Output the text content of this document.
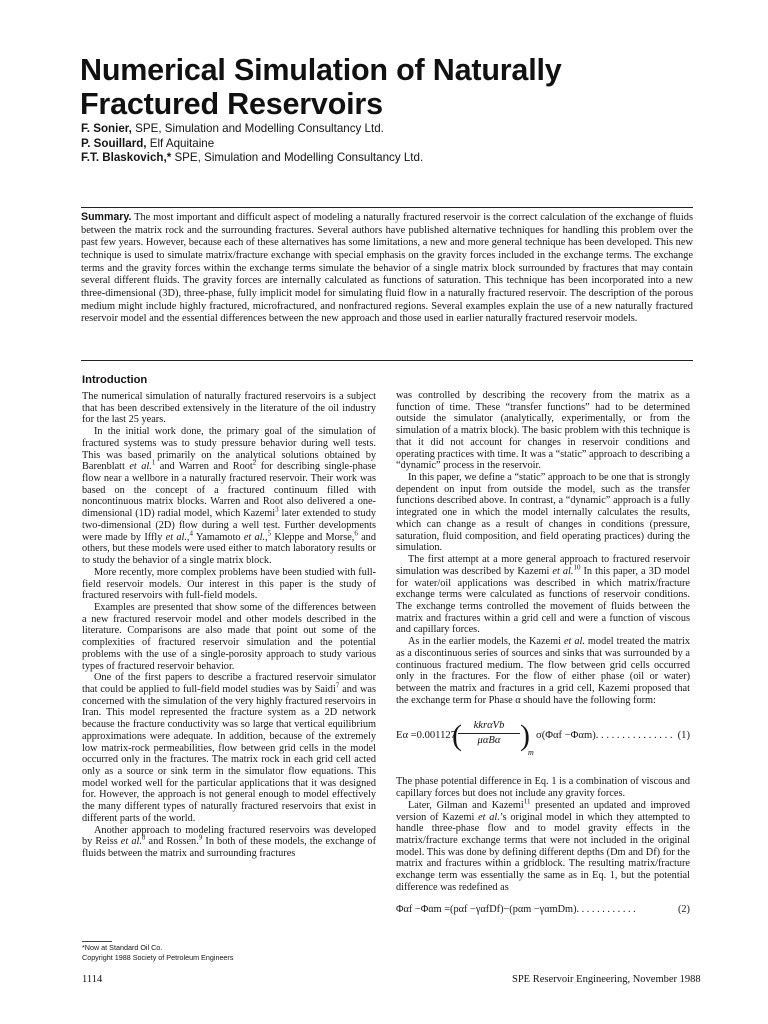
Numerical Simulation of Naturally Fractured Reservoirs
F. Sonier, SPE, Simulation and Modelling Consultancy Ltd.
P. Souillard, Elf Aquitaine
F.T. Blaskovich,* SPE, Simulation and Modelling Consultancy Ltd.
Summary. The most important and difficult aspect of modeling a naturally fractured reservoir is the correct calculation of the exchange of fluids between the matrix rock and the surrounding fractures. Several authors have published alternative techniques for handling this problem over the past few years. However, because each of these alternatives has some limitations, a new and more general technique has been developed. This new technique is used to simulate matrix/fracture exchange with special emphasis on the gravity forces included in the exchange terms. The exchange terms and the gravity forces within the exchange terms simulate the behavior of a single matrix block surrounded by fractures that may contain several different fluids. The gravity forces are internally calculated as functions of saturation. This technique has been incorporated into a new three-dimensional (3D), three-phase, fully implicit model for simulating fluid flow in a naturally fractured reservoir. The description of the porous medium might include highly fractured, microfractured, and nonfractured regions. Several examples explain the use of a new naturally fractured reservoir model and the essential differences between the new approach and those used in earlier naturally fractured reservoir models.
Introduction

The numerical simulation of naturally fractured reservoirs is a subject that has been described extensively in the literature of the oil industry for the last 25 years.

In the initial work done, the primary goal of the simulation of fractured systems was to study pressure behavior during well tests. This was based primarily on the analytical solutions obtained by Barenblatt et al.$^1$ and Warren and Root$^2$ for describing single-phase flow near a wellbore in a naturally fractured reservoir. Their work was based on the concept of a fractured continuum filled with noncontinuous matrix blocks. Warren and Root also delivered a one-dimensional (1D) radial model, which Kazemi$^3$ later extended to study two-dimensional (2D) flow during a well test. Further developments were made by Iffly et al.,$^4$ Yamamoto et al.,$^5$ Kleppe and Morse,$^6$ and others, but these models were used either to match laboratory results or to study the behavior of a single matrix block.

More recently, more complex problems have been studied with full-field reservoir models. Our interest in this paper is the study of fractured reservoirs with full-field models.

Examples are presented that show some of the differences between a new fractured reservoir model and other models described in the literature. Comparisons are also made that point out some of the complexities of fractured reservoir simulation and the potential problems with the use of a single-porosity approach to study various types of fractured reservoir behavior.

One of the first papers to describe a fractured reservoir simulator that could be applied to full-field model studies was by Saidi$^7$ and was concerned with the simulation of the very highly fractured reservoirs in Iran. This model represented the fracture system as a 2D network because the fracture conductivity was so large that vertical equilibrium approximations were adequate. In addition, because of the extremely low matrix-rock permeabilities, flow between grid cells in the model occurred only in the fractures. The matrix rock in each grid cell acted only as a source or sink term in the simulator flow equations. This model worked well for the particular applications that it was designed for. However, the approach is not general enough to model effectively the many different types of naturally fractured reservoirs that exist in different parts of the world.

Another approach to modeling fractured reservoirs was developed by Reiss et al.$^8$ and Rossen.$^9$ In both of these models, the exchange of fluids between the matrix and surrounding fractures

was controlled by describing the recovery from the matrix as a function of time. These “transfer functions” had to be determined outside the simulator (analytically, experimentally, or from the simulation of a matrix block). The basic problem with this technique is that it did not account for changes in reservoir conditions and operating practices with time. It was a “static” approach to describing a “dynamic” process in the reservoir.

In this paper, we define a “static” approach to be one that is strongly dependent on input from outside the model, such as the transfer functions described above. In contrast, a “dynamic” approach is a fully integrated one in which the model internally calculates the results, which can change as a result of changes in conditions (pressure, saturation, fluid composition, and field operating practices) during the simulation.

The first attempt at a more general approach to fractured reservoir simulation was described by Kazemi et al.$^{10}$ In this paper, a 3D model for water/oil applications was described in which matrix/fracture exchange terms were calculated as functions of reservoir conditions. The exchange terms controlled the movement of fluids between the matrix and fractures within a grid cell and were a function of viscous and capillary forces.

As in the earlier models, the Kazemi et al. model treated the matrix as a discontinuous series of sources and sinks that was surrounded by a continuous fractured medium. The flow between grid cells occurred only in the fractures. For the flow of either phase (oil or water) between the matrix and fractures in a grid cell, Kazemi proposed that the exchange term for Phase α should have the following form:

Eα =0.001127
(	kkrαVb
μαBα )
m
σ(Φαf −Φαm). . . . . . . . . . . . . . . (1)

The phase potential difference in Eq. 1 is a combination of viscous and capillary forces but does not include any gravity forces.

Later, Gilman and Kazemi$^{11}$ presented an updated and improved version of Kazemi et al.’s original model in which they attempted to handle three-phase flow and to model gravity effects in the matrix/fracture exchange terms that were not included in the original model. This was done by defining different depths (Dm and Df) for the matrix and fractures within a gridblock. The resulting matrix/fracture exchange term was essentially the same as in Eq. 1, but the potential difference was redefined as

Φαf −Φαm =(pαf −γαfDf)−(pαm −γαmDm). . . . . . . . . . . .	(2)
*Now at Standard Oil Co.
Copyright 1988 Society of Petroleum Engineers
1114	SPE Reservoir Engineering, November 1988
